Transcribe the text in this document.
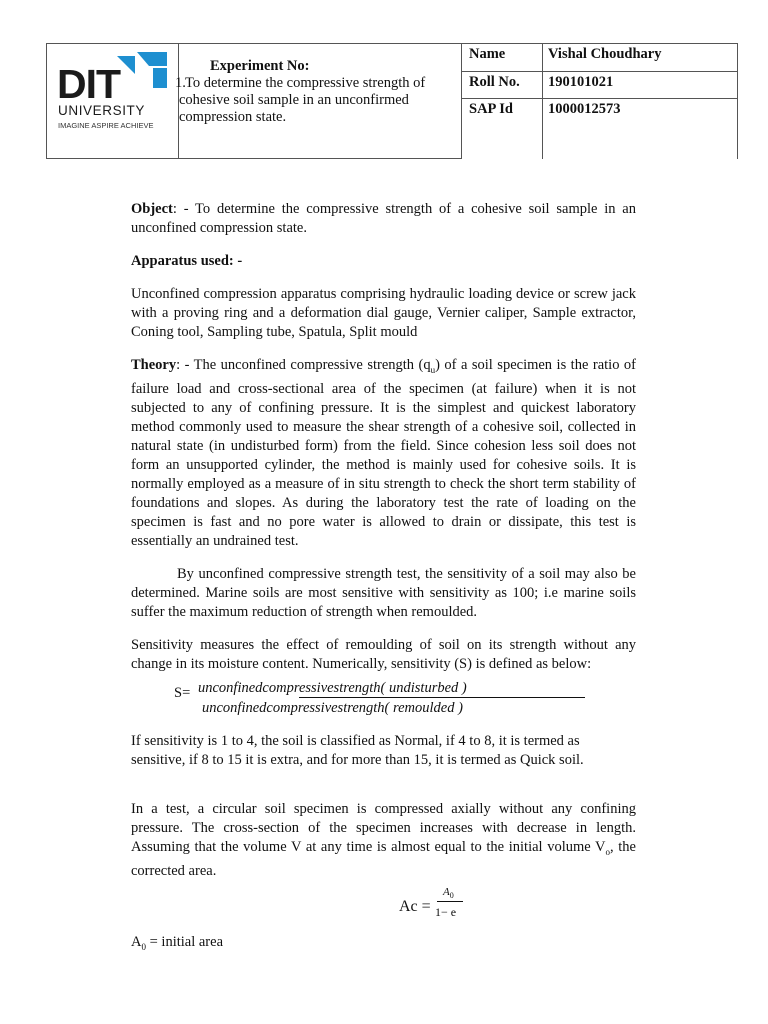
DIT
UNIVERSITY
IMAGINE ASPIRE ACHIEVE	Experiment No:
1. To determine the compressive strength of cohesive soil sample in an unconfirmed compression state.	Name	Vishal Choudhary
		Roll No.	190101021
		SAP Id	1000012573

Object: - To determine the compressive strength of a cohesive soil sample in an unconfined compression state.

Apparatus used: -

Unconfined compression apparatus comprising hydraulic loading device or screw jack with a proving ring and a deformation dial gauge, Vernier caliper, Sample extractor, Coning tool, Sampling tube, Spatula, Split mould

Theory: - The unconfined compressive strength $(q_u)$ of a soil specimen is the ratio of failure load and cross-sectional area of the specimen (at failure) when it is not subjected to any of confining pressure. It is the simplest and quickest laboratory method commonly used to measure the shear strength of a cohesive soil, collected in natural state (in undisturbed form) from the field. Since cohesion less soil does not form an unsupported cylinder, the method is mainly used for cohesive soils. It is normally employed as a measure of in situ strength to check the short term stability of foundations and slopes. As during the laboratory test the rate of loading on the specimen is fast and no pore water is allowed to drain or dissipate, this test is essentially an undrained test.

By unconfined compressive strength test, the sensitivity of a soil may also be determined. Marine soils are most sensitive with sensitivity as 100; i.e marine soils suffer the maximum reduction of strength when remoulded.

Sensitivity measures the effect of remoulding of soil on its strength without any change in its moisture content. Numerically, sensitivity (S) is defined as below:

S= unconfinedcompressivestrength( undisturbed )
unconfinedcompressivestrength( remoulded )

If sensitivity is 1 to 4, the soil is classified as Normal, if 4 to 8, it is termed as sensitive, if 8 to 15 it is extra, and for more than 15, it is termed as Quick soil.

In a test, a circular soil specimen is compressed axially without any confining pressure. The cross-section of the specimen increases with decrease in length. Assuming that the volume V at any time is almost equal to the initial volume $V_o$, the corrected area.

Ac =
$A_0$
1− e

$A_0$ = initial area
